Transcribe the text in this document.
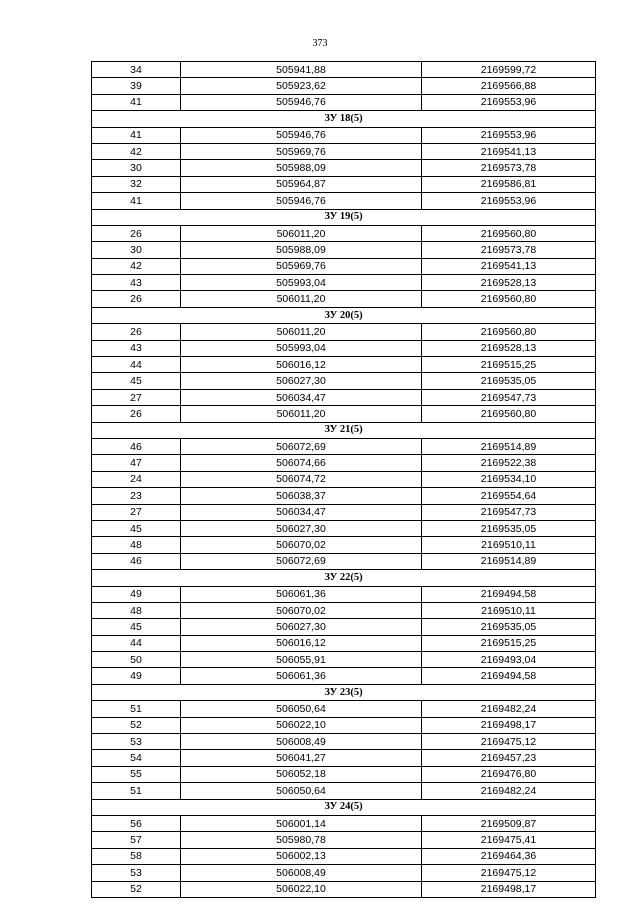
373
34	505941,88	2169599,72
39	505923,62	2169566,88
41	505946,76	2169553,96
ЗУ 18(5)		
41	505946,76	2169553,96
42	505969,76	2169541,13
30	505988,09	2169573,78
32	505964,87	2169586,81
41	505946,76	2169553,96
ЗУ 19(5)		
26	506011,20	2169560,80
30	505988,09	2169573,78
42	505969,76	2169541,13
43	505993,04	2169528,13
26	506011,20	2169560,80
ЗУ 20(5)		
26	506011,20	2169560,80
43	505993,04	2169528,13
44	506016,12	2169515,25
45	506027,30	2169535,05
27	506034,47	2169547,73
26	506011,20	2169560,80
ЗУ 21(5)		
46	506072,69	2169514,89
47	506074,66	2169522,38
24	506074,72	2169534,10
23	506038,37	2169554,64
27	506034,47	2169547,73
45	506027,30	2169535,05
48	506070,02	2169510,11
46	506072,69	2169514,89
ЗУ 22(5)		
49	506061,36	2169494,58
48	506070,02	2169510,11
45	506027,30	2169535,05
44	506016,12	2169515,25
50	506055,91	2169493,04
49	506061,36	2169494,58
ЗУ 23(5)		
51	506050,64	2169482,24
52	506022,10	2169498,17
53	506008,49	2169475,12
54	506041,27	2169457,23
55	506052,18	2169476,80
51	506050,64	2169482,24
ЗУ 24(5)		
56	506001,14	2169509,87
57	505980,78	2169475,41
58	506002,13	2169464,36
53	506008,49	2169475,12
52	506022,10	2169498,17
